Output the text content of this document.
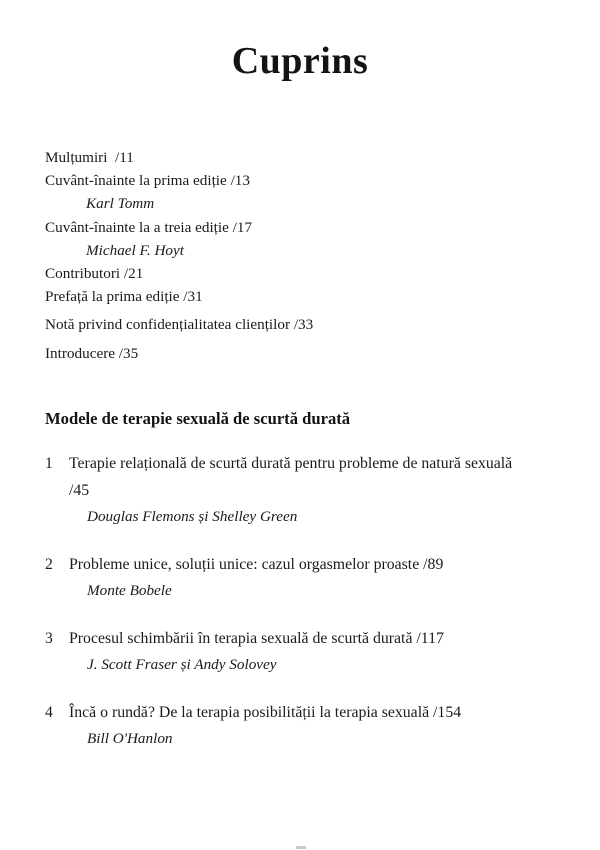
Cuprins
Mulțumiri  /11
Cuvânt-înainte la prima ediție /13
Karl Tomm
Cuvânt-înainte la a treia ediție /17
Michael F. Hoyt
Contributori /21
Prefață la prima ediție /31
Notă privind confidențialitatea clienților /33
Introducere /35
Modele de terapie sexuală de scurtă durată
1	Terapie relațională de scurtă durată pentru probleme de natură sexuală /45
Douglas Flemons și Shelley Green
2	Probleme unice, soluții unice: cazul orgasmelor proaste /89
Monte Bobele
3	Procesul schimbării în terapia sexuală de scurtă durată /117
J. Scott Fraser și Andy Solovey
4	Încă o rundă? De la terapia posibilității la terapia sexuală /154
Bill O'Hanlon
